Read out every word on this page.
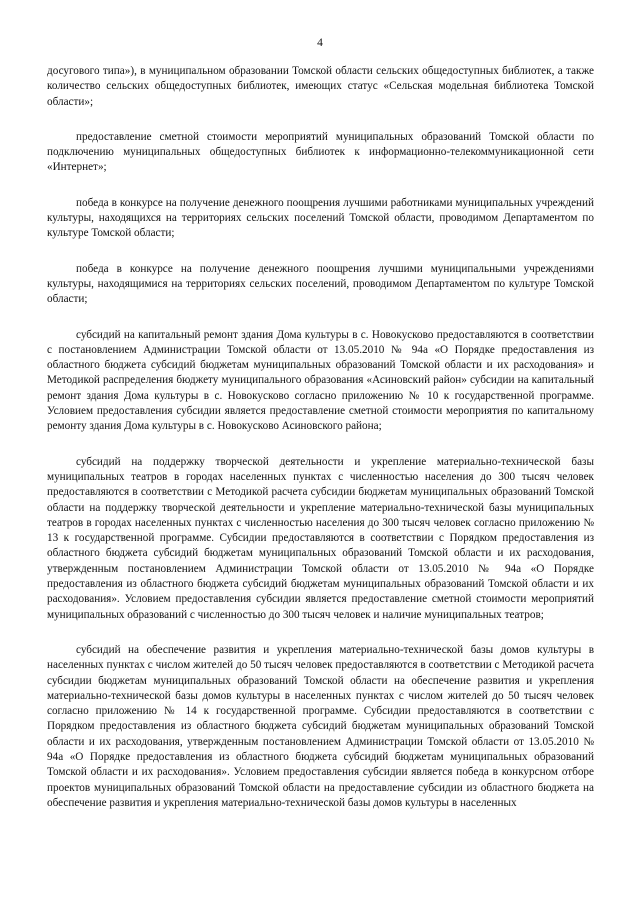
4

досугового типа»), в муниципальном образовании Томской области сельских общедоступных библиотек, а также количество сельских общедоступных библиотек, имеющих статус «Сельская модельная библиотека Томской области»;

предоставление сметной стоимости мероприятий муниципальных образований Томской области по подключению муниципальных общедоступных библиотек к информационно-телекоммуникационной сети «Интернет»;

победа в конкурсе на получение денежного поощрения лучшими работниками муниципальных учреждений культуры, находящихся на территориях сельских поселений Томской области, проводимом Департаментом по культуре Томской области;

победа в конкурсе на получение денежного поощрения лучшими муниципальными учреждениями культуры, находящимися на территориях сельских поселений, проводимом Департаментом по культуре Томской области;

субсидий на капитальный ремонт здания Дома культуры в с. Новокусково предоставляются в соответствии с постановлением Администрации Томской области от 13.05.2010 № 94а «О Порядке предоставления из областного бюджета субсидий бюджетам муниципальных образований Томской области и их расходования» и Методикой распределения бюджету муниципального образования «Асиновский район» субсидии на капитальный ремонт здания Дома культуры в с. Новокусково согласно приложению № 10 к государственной программе. Условием предоставления субсидии является предоставление сметной стоимости мероприятия по капитальному ремонту здания Дома культуры в с. Новокусково Асиновского района;

субсидий на поддержку творческой деятельности и укрепление материально-технической базы муниципальных театров в городах населенных пунктах с численностью населения до 300 тысяч человек предоставляются в соответствии с Методикой расчета субсидии бюджетам муниципальных образований Томской области на поддержку творческой деятельности и укрепление материально-технической базы муниципальных театров в городах населенных пунктах с численностью населения до 300 тысяч человек согласно приложению № 13 к государственной программе. Субсидии предоставляются в соответствии с Порядком предоставления из областного бюджета субсидий бюджетам муниципальных образований Томской области и их расходования, утвержденным постановлением Администрации Томской области от 13.05.2010 № 94а «О Порядке предоставления из областного бюджета субсидий бюджетам муниципальных образований Томской области и их расходования». Условием предоставления субсидии является предоставление сметной стоимости мероприятий муниципальных образований с численностью до 300 тысяч человек и наличие муниципальных театров;

субсидий на обеспечение развития и укрепления материально-технической базы домов культуры в населенных пунктах с числом жителей до 50 тысяч человек предоставляются в соответствии с Методикой расчета субсидии бюджетам муниципальных образований Томской области на обеспечение развития и укрепления материально-технической базы домов культуры в населенных пунктах с числом жителей до 50 тысяч человек согласно приложению № 14 к государственной программе. Субсидии предоставляются в соответствии с Порядком предоставления из областного бюджета субсидий бюджетам муниципальных образований Томской области и их расходования, утвержденным постановлением Администрации Томской области от 13.05.2010 № 94а «О Порядке предоставления из областного бюджета субсидий бюджетам муниципальных образований Томской области и их расходования». Условием предоставления субсидии является победа в конкурсном отборе проектов муниципальных образований Томской области на предоставление субсидии из областного бюджета на обеспечение развития и укрепления материально-технической базы домов культуры в населенных
